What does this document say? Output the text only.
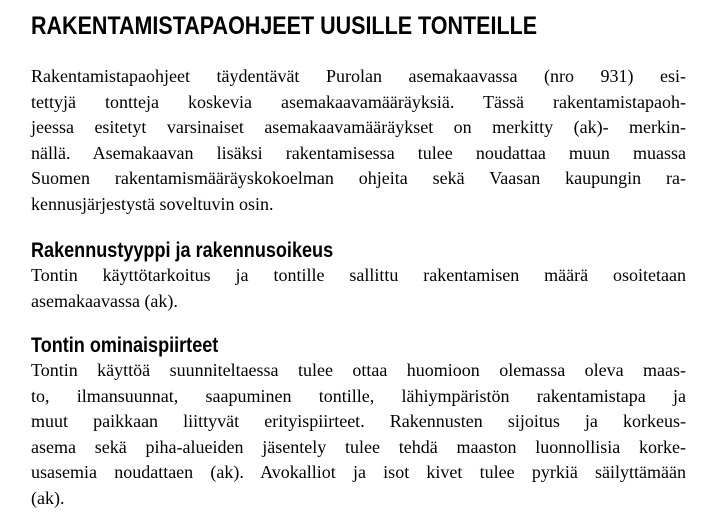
RAKENTAMISTAPAOHJEET UUSILLE TONTEILLE

Rakentamistapaohjeet täydentävät Purolan asemakaavassa (nro 931) esi-
tettyjä tontteja koskevia asemakaavamääräyksiä. Tässä rakentamistapaoh-
jeessa esitetyt varsinaiset asemakaavamääräykset on merkitty (ak)- merkin-
nällä. Asemakaavan lisäksi rakentamisessa tulee noudattaa muun muassa
Suomen rakentamismääräyskokoelman ohjeita sekä Vaasan kaupungin ra-
kennusjärjestystä soveltuvin osin.

Rakennustyyppi ja rakennusoikeus

Tontin käyttötarkoitus ja tontille sallittu rakentamisen määrä osoitetaan
asemakaavassa (ak).

Tontin ominaispiirteet

Tontin käyttöä suunniteltaessa tulee ottaa huomioon olemassa oleva maas-
to, ilmansuunnat, saapuminen tontille, lähiympäristön rakentamistapa ja
muut paikkaan liittyvät erityispiirteet. Rakennusten sijoitus ja korkeus-
asema sekä piha-alueiden jäsentely tulee tehdä maaston luonnollisia korke-
usasemia noudattaen (ak). Avokalliot ja isot kivet tulee pyrkiä säilyttämään
(ak).
